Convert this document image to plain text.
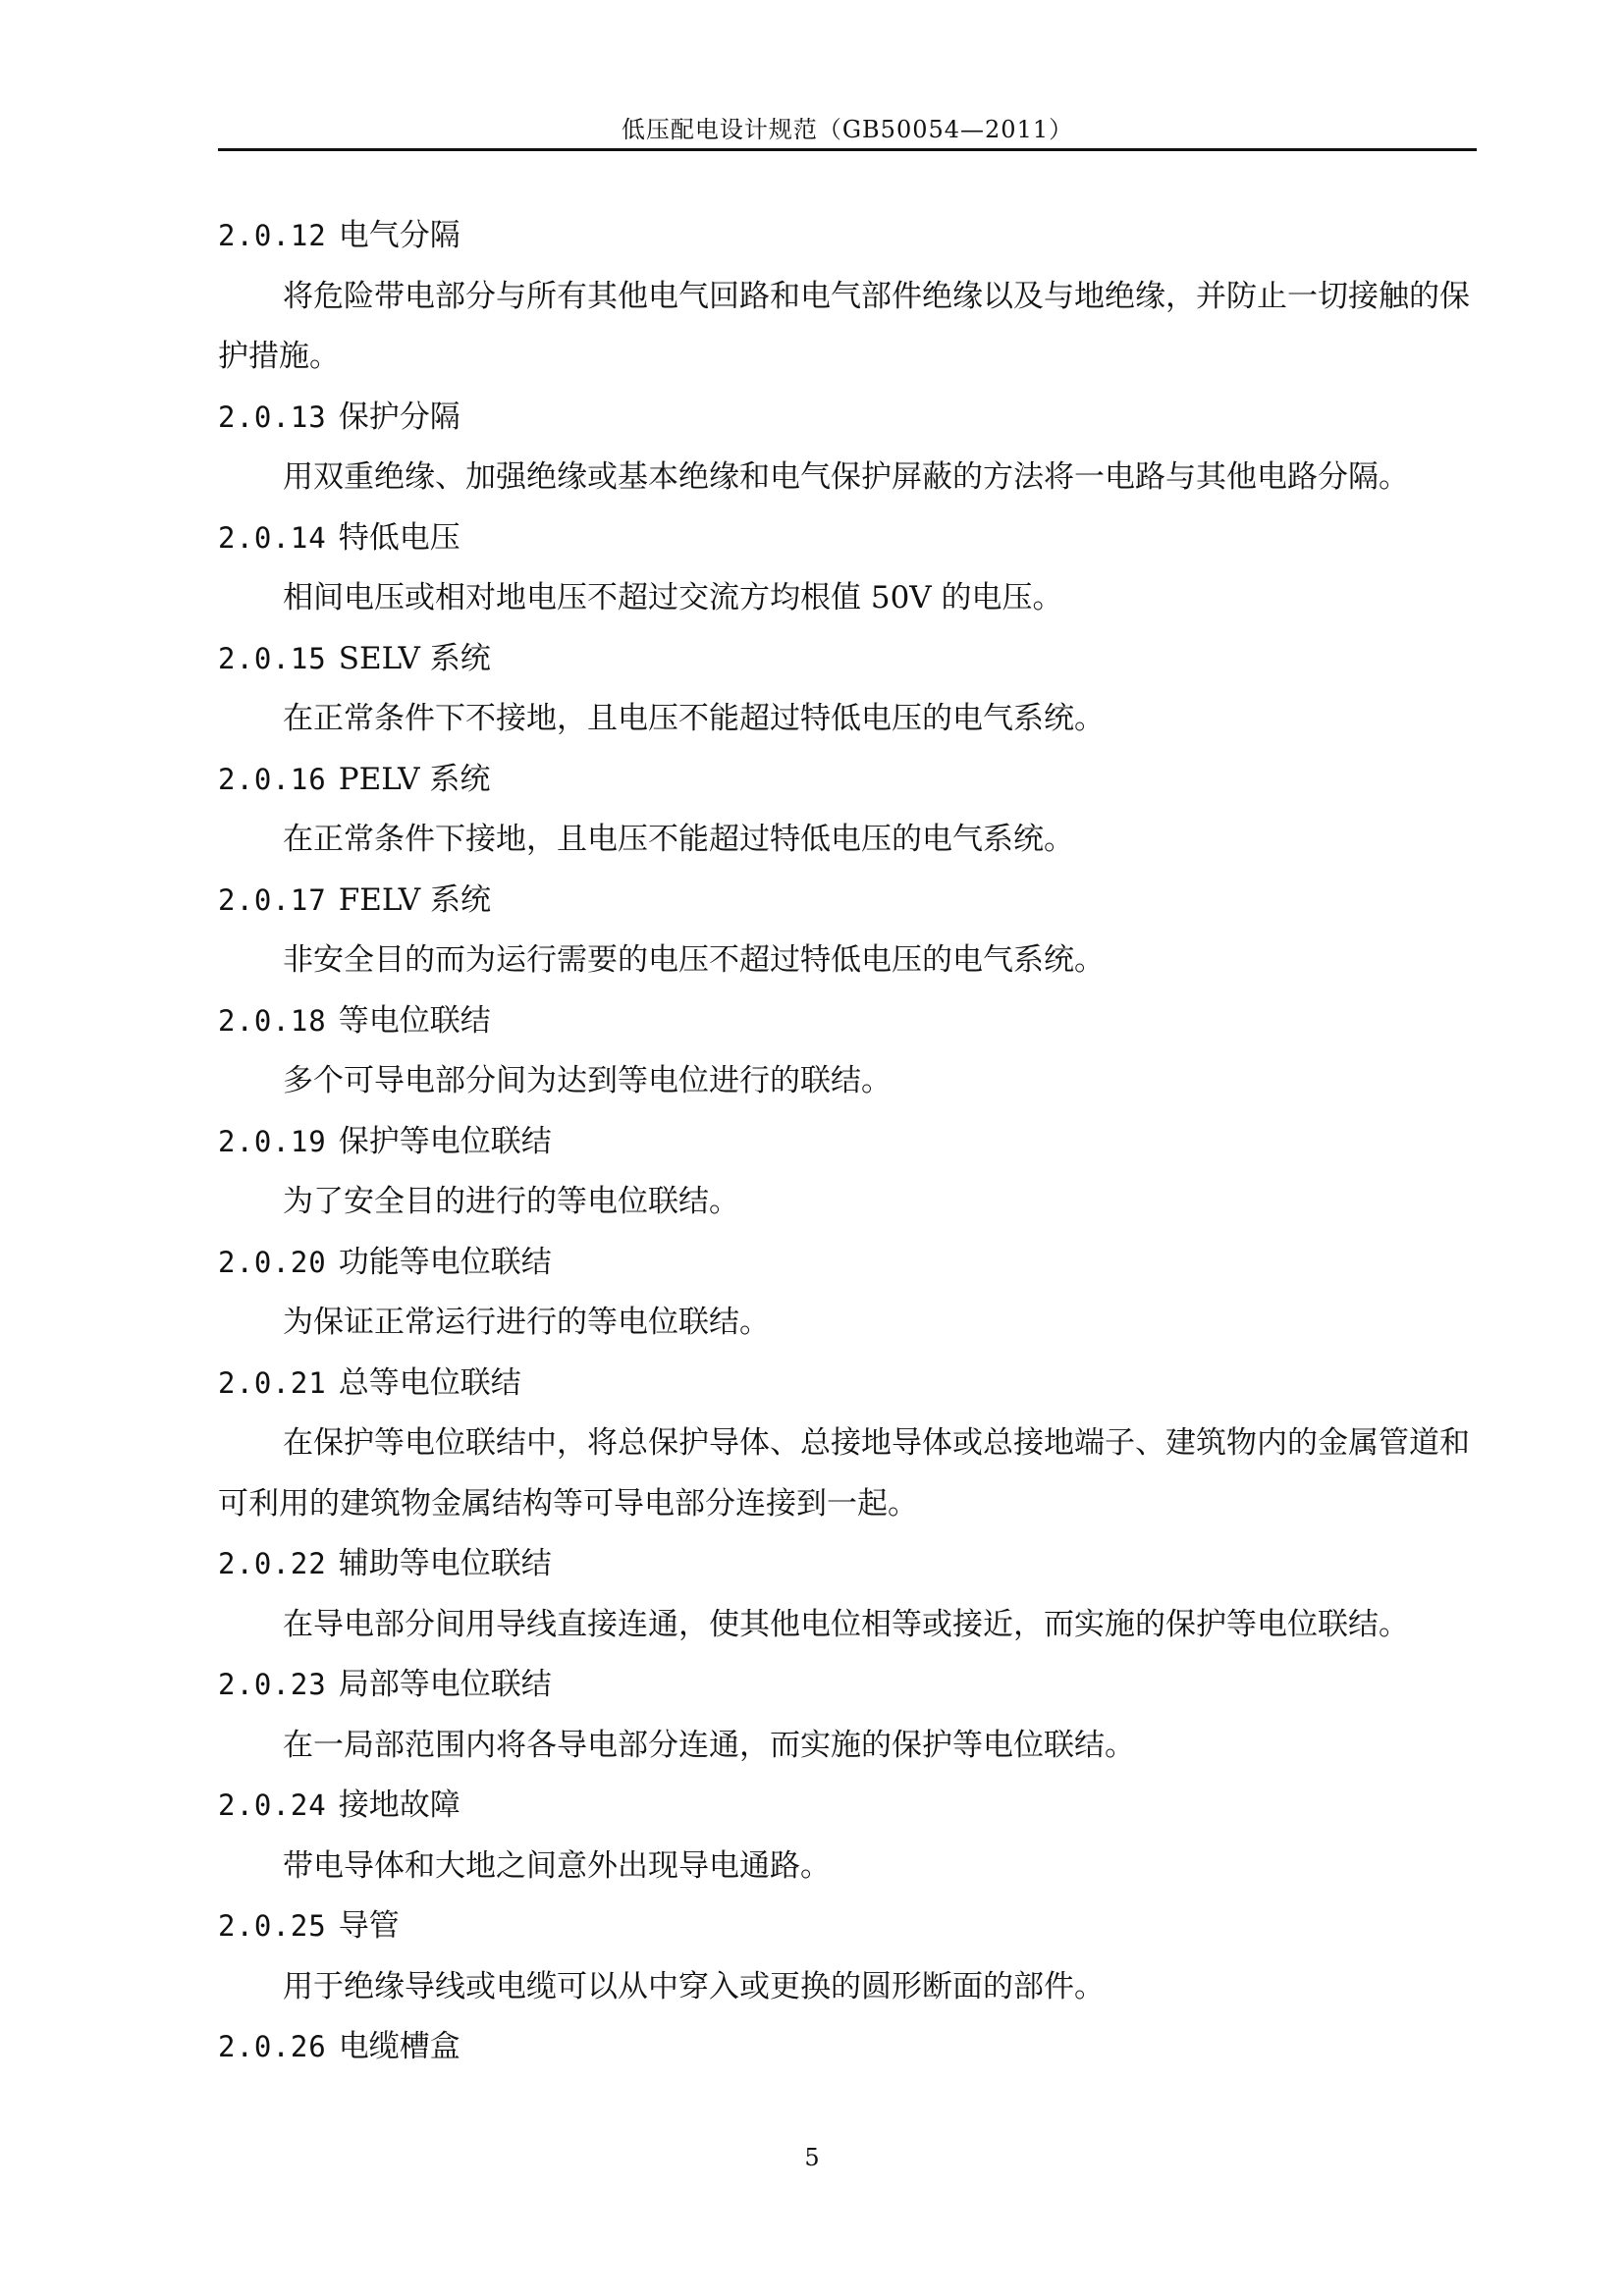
低压配电设计规范（GB50054—2011）
2.0.12 电气分隔

将危险带电部分与所有其他电气回路和电气部件绝缘以及与地绝缘，并防止一切接触的保护措施。

2.0.13 保护分隔

用双重绝缘、加强绝缘或基本绝缘和电气保护屏蔽的方法将一电路与其他电路分隔。

2.0.14 特低电压

相间电压或相对地电压不超过交流方均根值 50V 的电压。

2.0.15 SELV 系统

在正常条件下不接地，且电压不能超过特低电压的电气系统。

2.0.16 PELV 系统

在正常条件下接地，且电压不能超过特低电压的电气系统。

2.0.17 FELV 系统

非安全目的而为运行需要的电压不超过特低电压的电气系统。

2.0.18 等电位联结

多个可导电部分间为达到等电位进行的联结。

2.0.19 保护等电位联结

为了安全目的进行的等电位联结。

2.0.20 功能等电位联结

为保证正常运行进行的等电位联结。

2.0.21 总等电位联结

在保护等电位联结中，将总保护导体、总接地导体或总接地端子、建筑物内的金属管道和可利用的建筑物金属结构等可导电部分连接到一起。

2.0.22 辅助等电位联结

在导电部分间用导线直接连通，使其他电位相等或接近，而实施的保护等电位联结。

2.0.23 局部等电位联结

在一局部范围内将各导电部分连通，而实施的保护等电位联结。

2.0.24 接地故障

带电导体和大地之间意外出现导电通路。

2.0.25 导管

用于绝缘导线或电缆可以从中穿入或更换的圆形断面的部件。

2.0.26 电缆槽盒
5
